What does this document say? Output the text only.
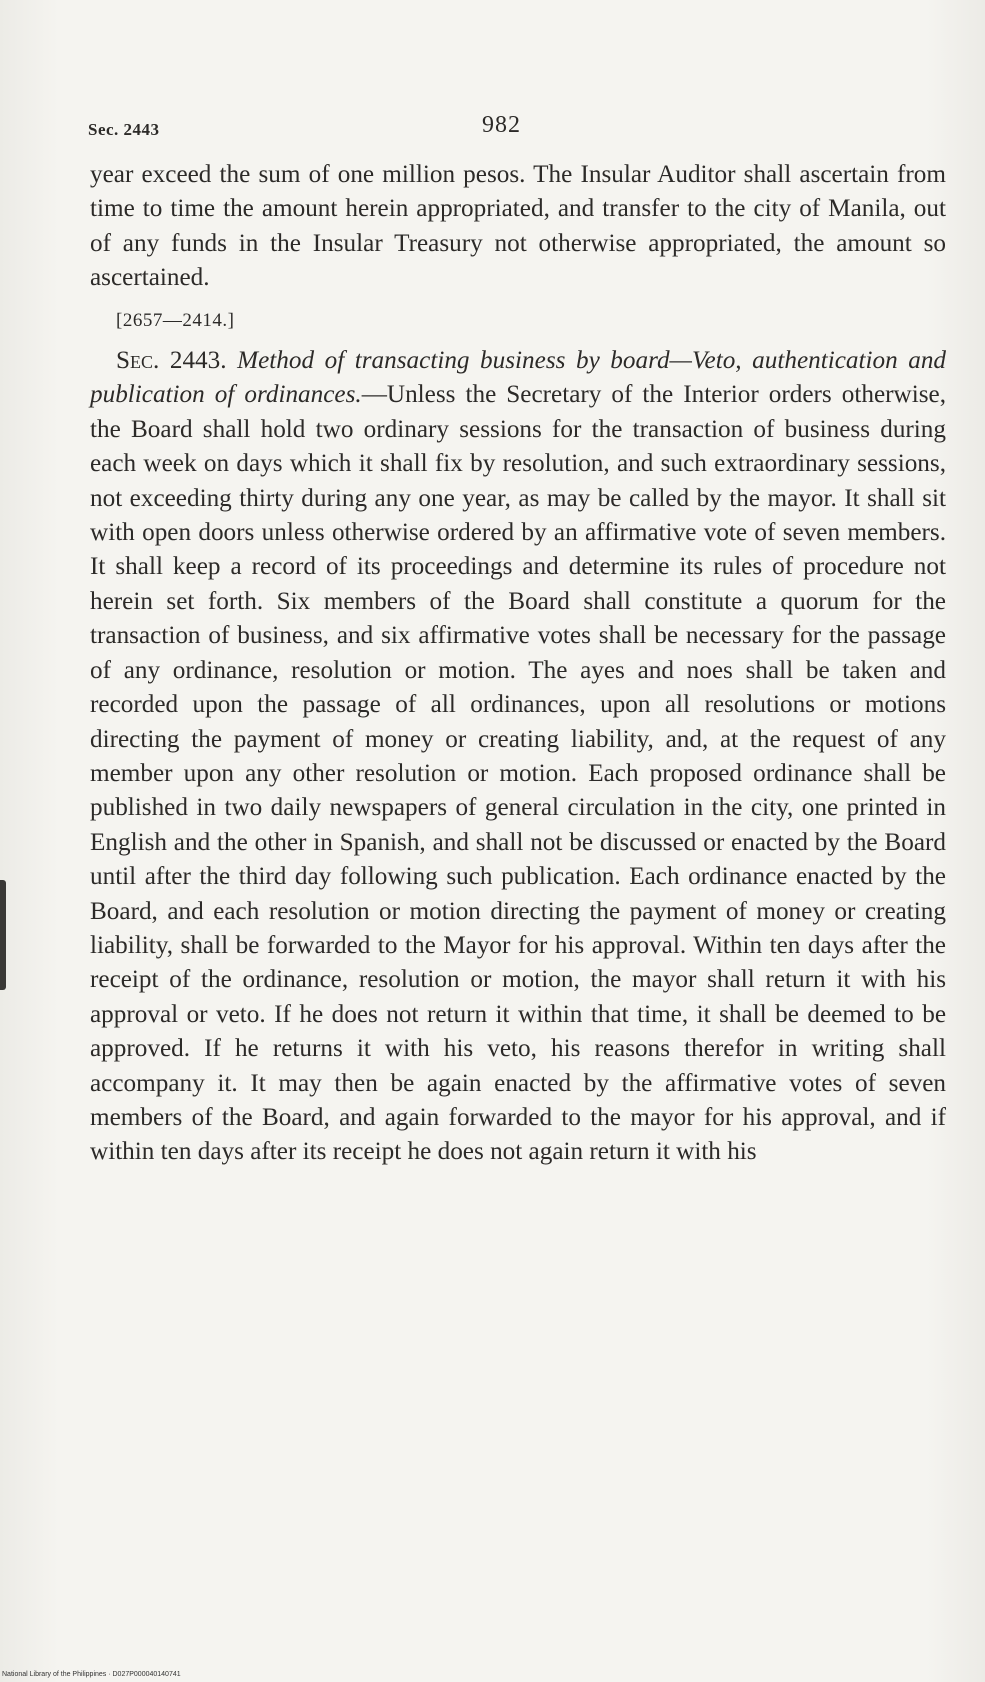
Sec. 2443	982

year exceed the sum of one million pesos. The Insular Auditor shall ascertain from time to time the amount herein appropriated, and transfer to the city of Manila, out of any funds in the Insular Treasury not otherwise appropriated, the amount so ascertained.

[2657—2414.]

Sec. 2443. Method of transacting business by board—Veto, authentication and publication of ordinances.—Unless the Secretary of the Interior orders otherwise, the Board shall hold two ordinary sessions for the transaction of business during each week on days which it shall fix by resolution, and such extraordinary sessions, not exceeding thirty during any one year, as may be called by the mayor. It shall sit with open doors unless otherwise ordered by an affirmative vote of seven members. It shall keep a record of its proceedings and determine its rules of procedure not herein set forth. Six members of the Board shall constitute a quorum for the transaction of business, and six affirmative votes shall be necessary for the passage of any ordinance, resolution or motion. The ayes and noes shall be taken and recorded upon the passage of all ordinances, upon all resolutions or motions directing the payment of money or creating liability, and, at the request of any member upon any other resolution or motion. Each proposed ordinance shall be published in two daily newspapers of general circulation in the city, one printed in English and the other in Spanish, and shall not be discussed or enacted by the Board until after the third day following such publication. Each ordinance enacted by the Board, and each resolution or motion directing the payment of money or creating liability, shall be forwarded to the Mayor for his approval. Within ten days after the receipt of the ordinance, resolution or motion, the mayor shall return it with his approval or veto. If he does not return it within that time, it shall be deemed to be approved. If he returns it with his veto, his reasons therefor in writing shall accompany it. It may then be again enacted by the affirmative votes of seven members of the Board, and again forwarded to the mayor for his approval, and if within ten days after its receipt he does not again return it with his

National Library of the Philippines · D027P000040140741
